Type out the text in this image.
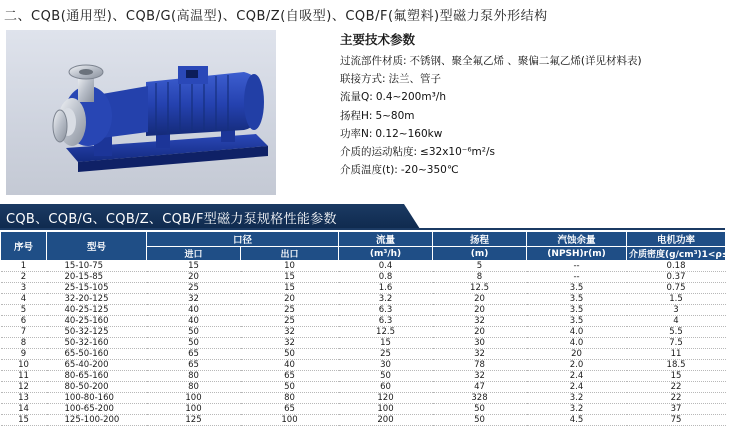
二、CQB(通用型)、CQB/G(高温型)、CQB/Z(自吸型)、CQB/F(氟塑料)型磁力泵外形结构
主要技术参数
过流部件材质: 不锈钢、聚全氟乙烯 、聚偏二氟乙烯(详见材料表)
联接方式: 法兰、管子
流量Q: 0.4~200m³/h
扬程H: 5~80m
功率N: 0.12~160kw
介质的运动粘度: ≤32x10⁻⁶m²/s
介质温度(t): -20~350℃
CQB、CQB/G、CQB/Z、CQB/F型磁力泵规格性能参数
序号	型号	口径		流量	扬程	汽蚀余量	电机功率
		进口	出口	(m³/h)	(m)	(NPSH)r(m)	介质密度(g/cm³)1<ρ≤1.3
1	15-10-75	15	10	0.4	5	--	0.18
2	20-15-85	20	15	0.8	8	--	0.37
3	25-15-105	25	15	1.6	12.5	3.5	0.75
4	32-20-125	32	20	3.2	20	3.5	1.5
5	40-25-125	40	25	6.3	20	3.5	3
6	40-25-160	40	25	6.3	32	3.5	4
7	50-32-125	50	32	12.5	20	4.0	5.5
8	50-32-160	50	32	15	30	4.0	7.5
9	65-50-160	65	50	25	32	20	11
10	65-40-200	65	40	30	78	2.0	18.5
11	80-65-160	80	65	50	32	2.4	15
12	80-50-200	80	50	60	47	2.4	22
13	100-80-160	100	80	120	328	3.2	22
14	100-65-200	100	65	100	50	3.2	37
15	125-100-200	125	100	200	50	4.5	75
